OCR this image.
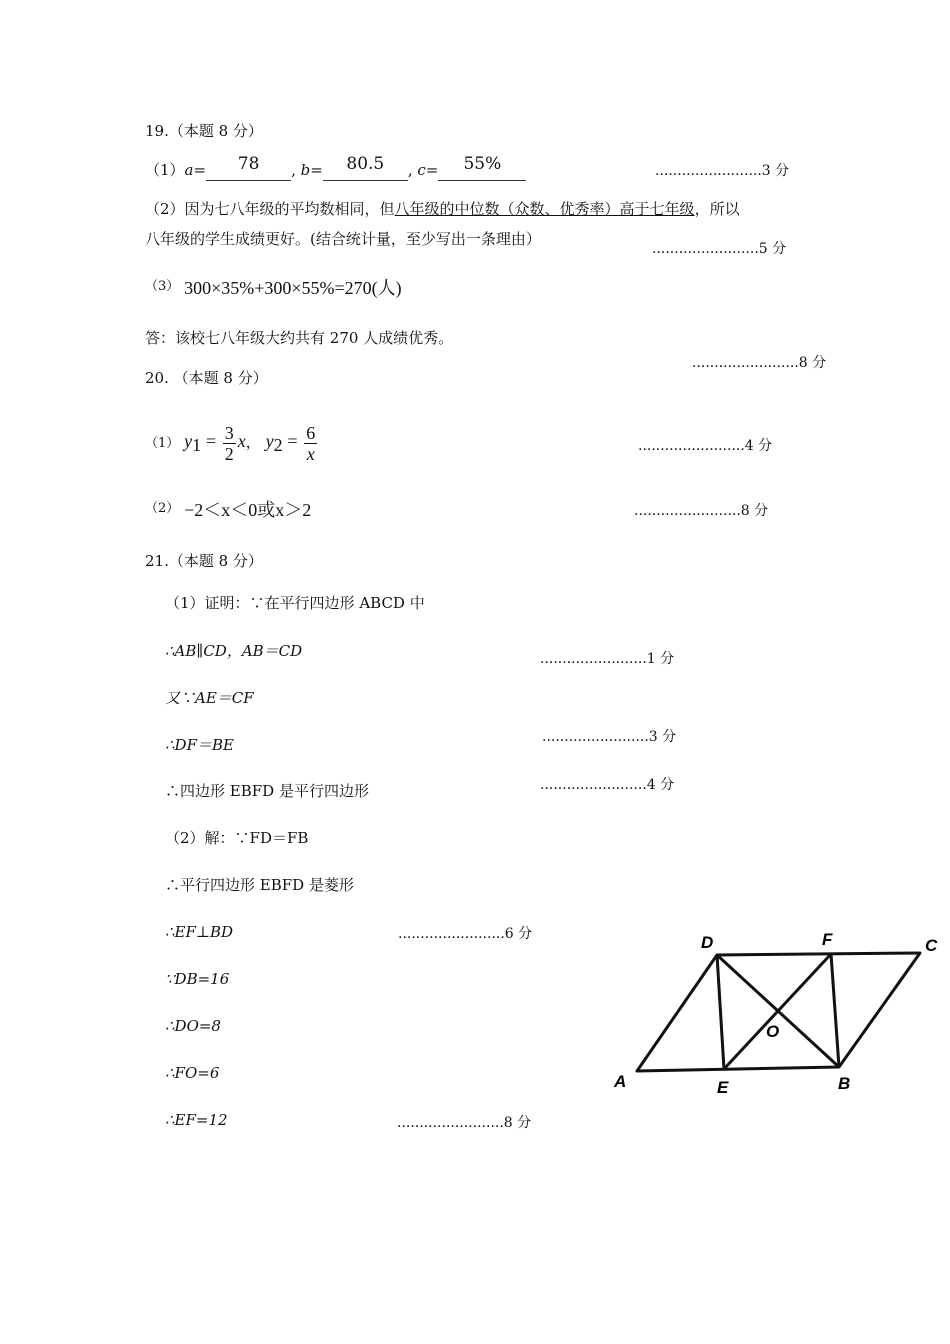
19.（本题 8 分）
（1）a= 78 , b= 80.5 , c= 55%	........................3 分
（2）因为七八年级的平均数相同，但八年级的中位数（众数、优秀率）高于七年级，所以
八年级的学生成绩更好。(结合统计量，至少写出一条理由）
........................5 分
（3） 300×35%+300×55%=270(人)
答：该校七八年级大约共有 270 人成绩优秀。
........................8 分
20. （本题 8 分）
（1） $y_1 = \frac{3}{2}$ x， $y_2 = \frac{6}{x}$	........................4 分
（2） −2＜x＜0或x＞2	........................8 分
21.（本题 8 分）
（1）证明：∵在平行四边形 ABCD 中
∴AB∥CD，AB＝CD	........................1 分
又∵AE＝CF
∴DF＝BE	........................3 分
∴四边形 EBFD 是平行四边形	........................4 分
（2）解：∵FD＝FB
∴平行四边形 EBFD 是菱形
∴EF⊥BD	........................6 分
∵DB=16
∴DO=8
∴FO=6
∴EF=12	........................8 分
D	F	C
O
A	E	B
